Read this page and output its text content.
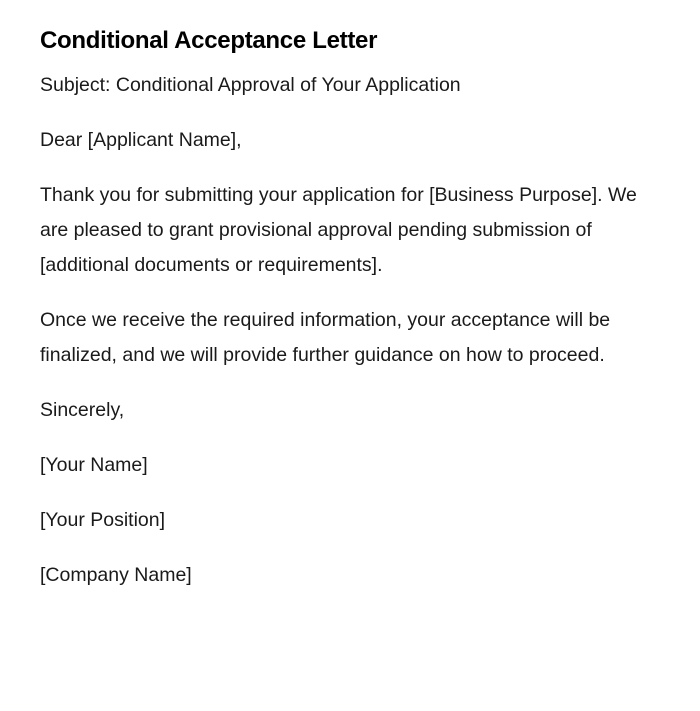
Conditional Acceptance Letter

Subject: Conditional Approval of Your Application

Dear [Applicant Name],

Thank you for submitting your application for [Business Purpose]. We are pleased to grant provisional approval pending submission of [additional documents or requirements].

Once we receive the required information, your acceptance will be finalized, and we will provide further guidance on how to proceed.

Sincerely,

[Your Name]

[Your Position]

[Company Name]
